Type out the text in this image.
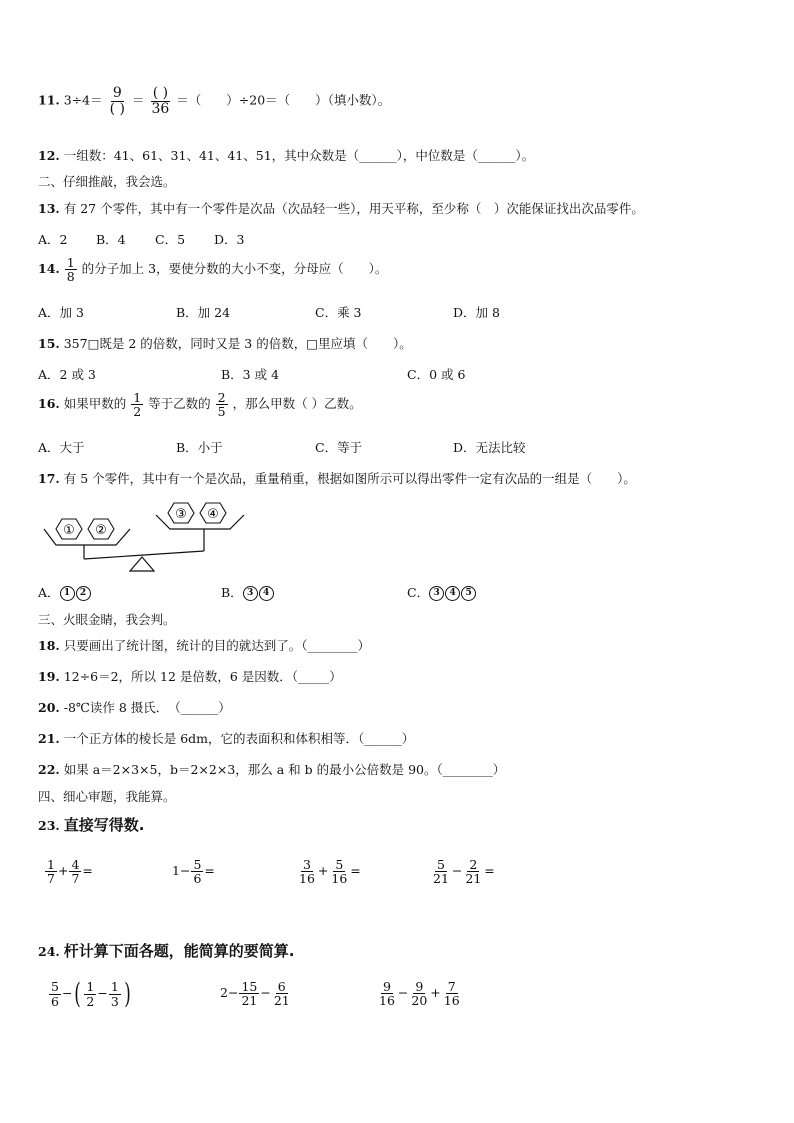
11. $3\div 4= \frac{9}{( )} = \frac{( )}{36}$ ＝（　　）÷20＝（　　）（填小数）。
12. 一组数：41、61、31、41、41、51，其中众数是（______），中位数是（______）。
二、仔细推敲，我会选。
13. 有 27 个零件，其中有一个零件是次品（次品轻一些），用天平称，至少称（　）次能保证找出次品零件。
A．2 B．4 C．5 D．3
14. $\frac{1}{8}$ 的分子加上 3，要使分数的大小不变，分母应（　　）。
A．加 3	B．加 24	C．乘 3	D．加 8
15. 357□既是 2 的倍数，同时又是 3 的倍数，□里应填（　　）。
A．2 或 3	B．3 或 4	C．0 或 6
16. 如果甲数的 $\frac{1}{2}$ 等于乙数的 $\frac{2}{5}$ ，那么甲数（ ）乙数。
A．大于	B．小于	C．等于	D．无法比较
17. 有 5 个零件，其中有一个是次品，重量稍重，根据如图所示可以得出零件一定有次品的一组是（　　）。
① ②
③ ④
A． 1 2	B． 3 4	C． 3 4 5
三、火眼金睛，我会判。
18. 只要画出了统计图，统计的目的就达到了。（________）
19. 12÷6＝2，所以 12 是倍数，6 是因数．（_____）
20. -8℃读作 8 摄氏．　（______）
21. 一个正方体的棱长是 6dm，它的表面积和体积相等．（______）
22. 如果 a＝2×3×5，b＝2×2×3，那么 a 和 b 的最小公倍数是 90。（________）
四、细心审题，我能算。
23. 直接写得数.
$\frac{1}{7} + \frac{4}{7}$ =	$1- \frac{5}{6}$ =	$\frac{3}{16} + \frac{5}{16}$ =	$\frac{5}{21} - \frac{2}{21}$ =
24. 杆计算下面各题，能简算的要简算.
$\frac{5}{6}$ −( $\frac{1}{2} - \frac{1}{3}$ )	$2- \frac{15}{21} - \frac{6}{21}$	$\frac{9}{16} - \frac{9}{20} + \frac{7}{16}$
